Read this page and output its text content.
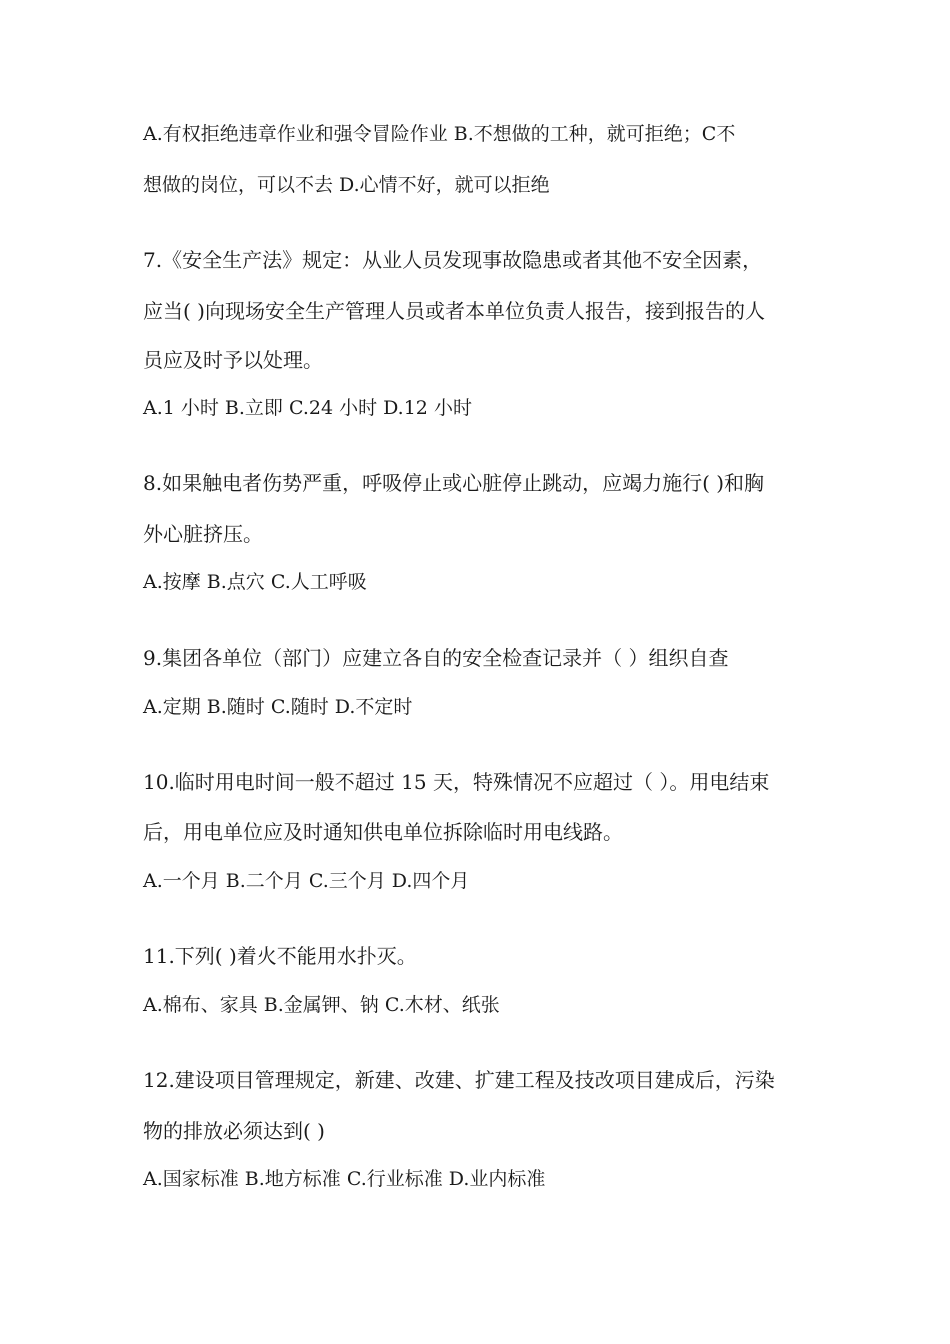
A.有权拒绝违章作业和强令冒险作业 B.不想做的工种，就可拒绝；C不
想做的岗位，可以不去 D.心情不好，就可以拒绝
7.《安全生产法》规定：从业人员发现事故隐患或者其他不安全因素，
应当( )向现场安全生产管理人员或者本单位负责人报告，接到报告的人
员应及时予以处理。
A.1 小时 B.立即 C.24 小时 D.12 小时
8.如果触电者伤势严重，呼吸停止或心脏停止跳动，应竭力施行( )和胸
外心脏挤压。
A.按摩 B.点穴 C.人工呼吸
9.集团各单位（部门）应建立各自的安全检查记录并（ ）组织自查
A.定期 B.随时 C.随时 D.不定时
10.临时用电时间一般不超过 15 天，特殊情况不应超过（ ）。用电结束
后，用电单位应及时通知供电单位拆除临时用电线路。
A.一个月 B.二个月 C.三个月 D.四个月
11.下列( )着火不能用水扑灭。
A.棉布、家具 B.金属钾、钠 C.木材、纸张
12.建设项目管理规定，新建、改建、扩建工程及技改项目建成后，污染
物的排放必须达到( )
A.国家标准 B.地方标准 C.行业标准 D.业内标准
